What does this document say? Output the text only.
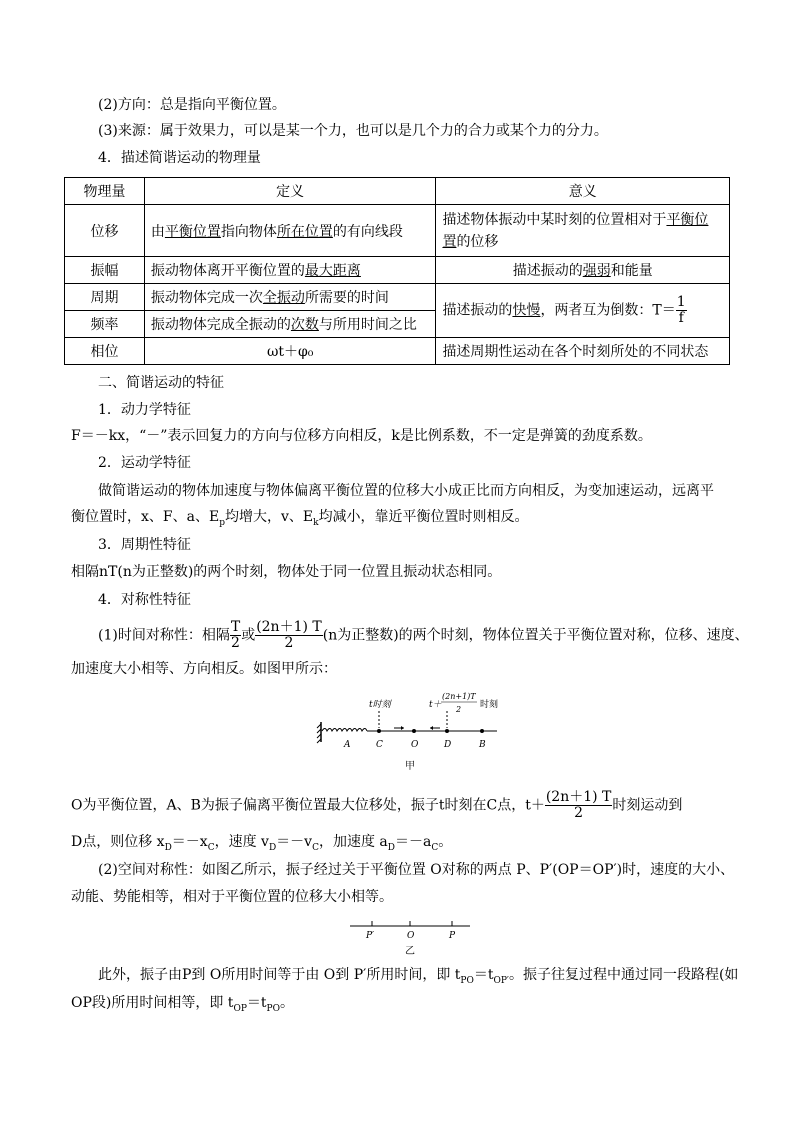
(2)方向：总是指向平衡位置。
(3)来源：属于效果力，可以是某一个力，也可以是几个力的合力或某个力的分力。
4．描述简谐运动的物理量
物理量	定义	意义
位移	由平衡位置指向物体所在位置的有向线段	描述物体振动中某时刻的位置相对于平衡位
置的位移
振幅	振动物体离开平衡位置的最大距离	描述振动的强弱和能量
周期	振动物体完成一次全振动所需要的时间	描述振动的快慢，两者互为倒数：$T= \frac{1}{f}$

频率	振动物体完成全振动的次数与所用时间之比	
相位	ωt＋φ₀	描述周期性运动在各个时刻所处的不同状态
二、简谐运动的特征
1．动力学特征
F＝－kx，“－”表示回复力的方向与位移方向相反，k是比例系数，不一定是弹簧的劲度系数。
2．运动学特征
做简谐运动的物体加速度与物体偏离平衡位置的位移大小成正比而方向相反，为变加速运动，远离平
衡位置时，x、F、a、$E_p$均增大，v、$E_k$均减小，靠近平衡位置时则相反。
3．周期性特征
相隔nT(n为正整数)的两个时刻，物体处于同一位置且振动状态相同。
4．对称性特征
(1)时间对称性：相隔 $\frac{T}{2}$ 或 $\frac{(2n+1) T}{2} (n$为正整数)的两个时刻，物体位置关于平衡位置对称，位移、速度、
加速度大小相等、方向相反。如图甲所示：
t时刻	t＋
(2n+1)T
2 时刻
A	C	O	D	B
甲
O为平衡位置，A、B为振子偏离平衡位置最大位移处，振子t时刻在C点，$t+ \frac{(2n+1) T}{2}$ 时刻运动到
D点，则位移 $x_D=-x_C$，速度 $v_D=-v_C$，加速度 $a_D=-a_C$。
(2)空间对称性：如图乙所示，振子经过关于平衡位置 O对称的两点 P、P′(OP＝OP′)时，速度的大小、
动能、势能相等，相对于平衡位置的位移大小相等。
P′	O	P
乙
此外，振子由P到 O所用时间等于由 O到 P′所用时间，即 $t_{PO}=t_{OP'}$。振子往复过程中通过同一段路程(如
OP段)所用时间相等，即 $t_{OP}=t_{PO}$。
